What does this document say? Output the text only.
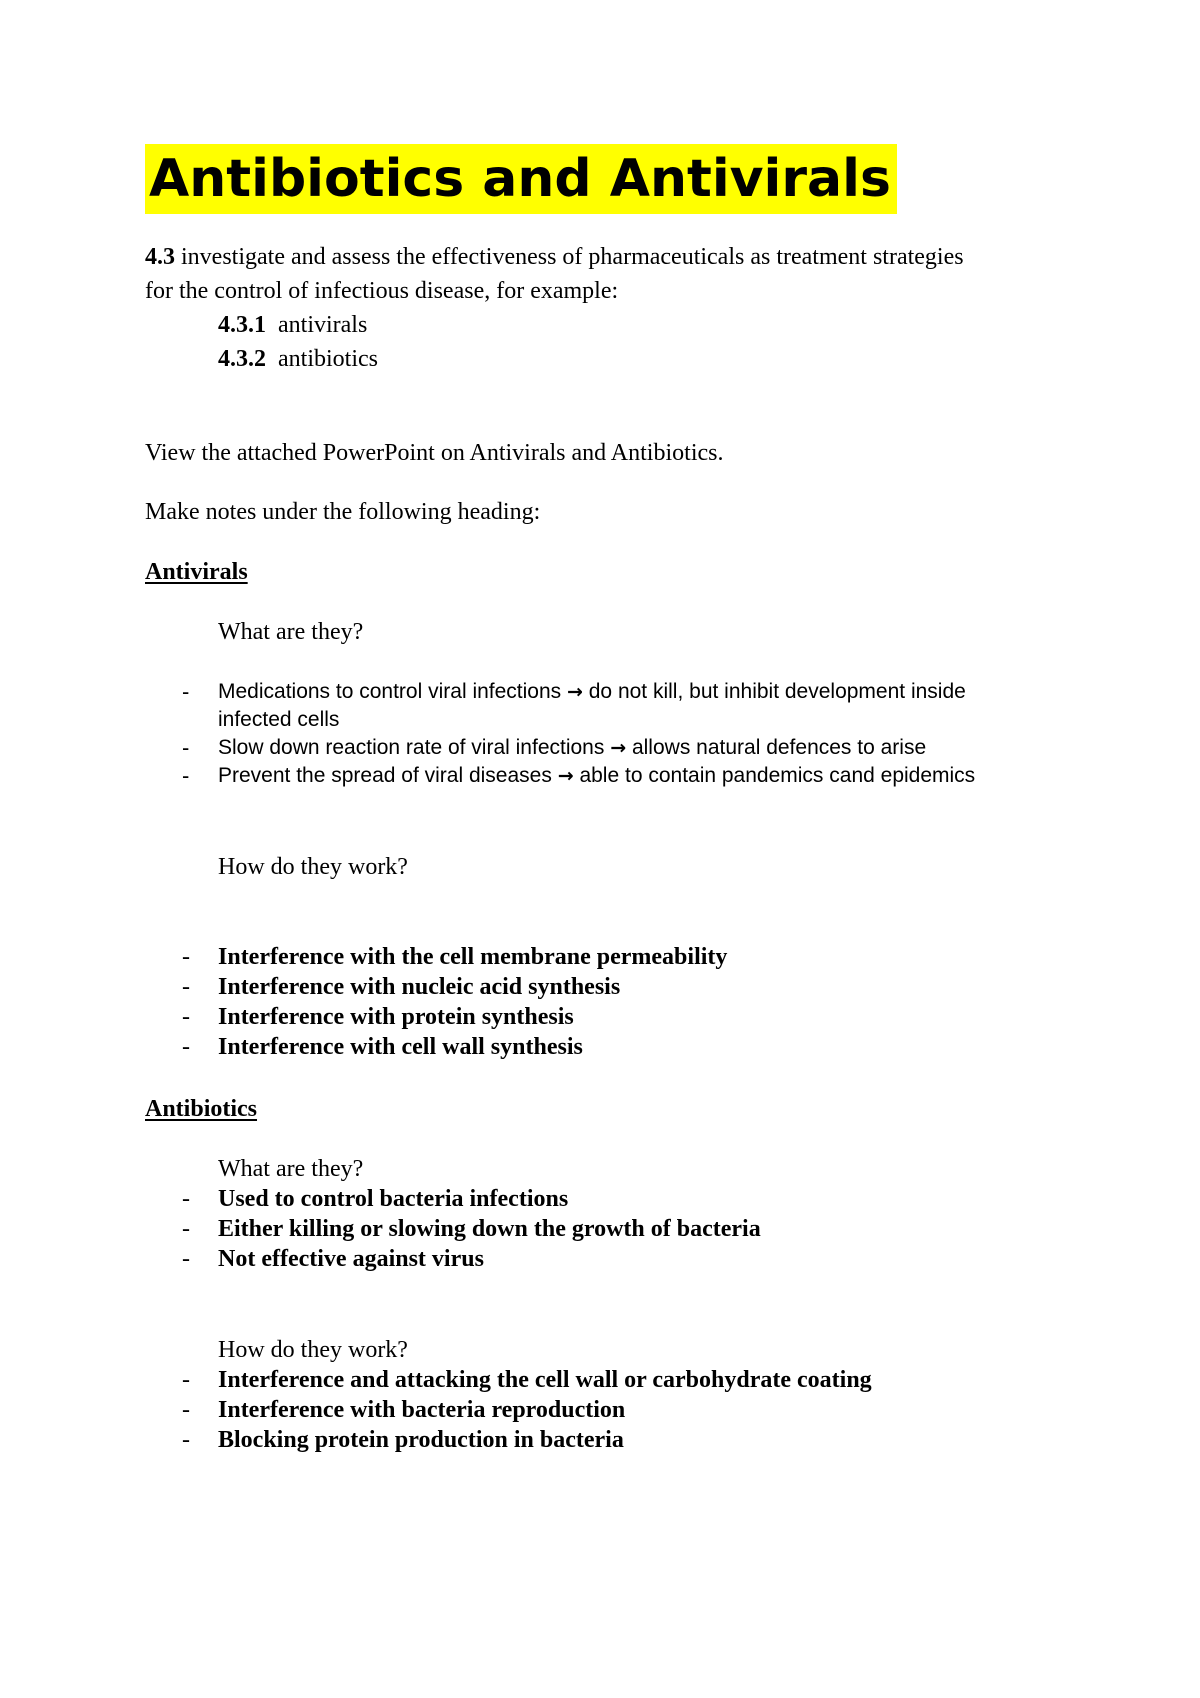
Antibiotics and Antivirals
4.3 investigate and assess the effectiveness of pharmaceuticals as treatment strategies
for the control of infectious disease, for example:
4.3.1 antivirals
4.3.2 antibiotics
View the attached PowerPoint on Antivirals and Antibiotics.
Make notes under the following heading:
Antivirals
What are they?
- Medications to control viral infections → do not kill, but inhibit development inside
infected cells
- Slow down reaction rate of viral infections → allows natural defences to arise
- Prevent the spread of viral diseases → able to contain pandemics cand epidemics
How do they work?
- Interference with the cell membrane permeability
- Interference with nucleic acid synthesis
- Interference with protein synthesis
- Interference with cell wall synthesis
Antibiotics
What are they?
- Used to control bacteria infections
- Either killing or slowing down the growth of bacteria
- Not effective against virus
How do they work?
- Interference and attacking the cell wall or carbohydrate coating
- Interference with bacteria reproduction
- Blocking protein production in bacteria
